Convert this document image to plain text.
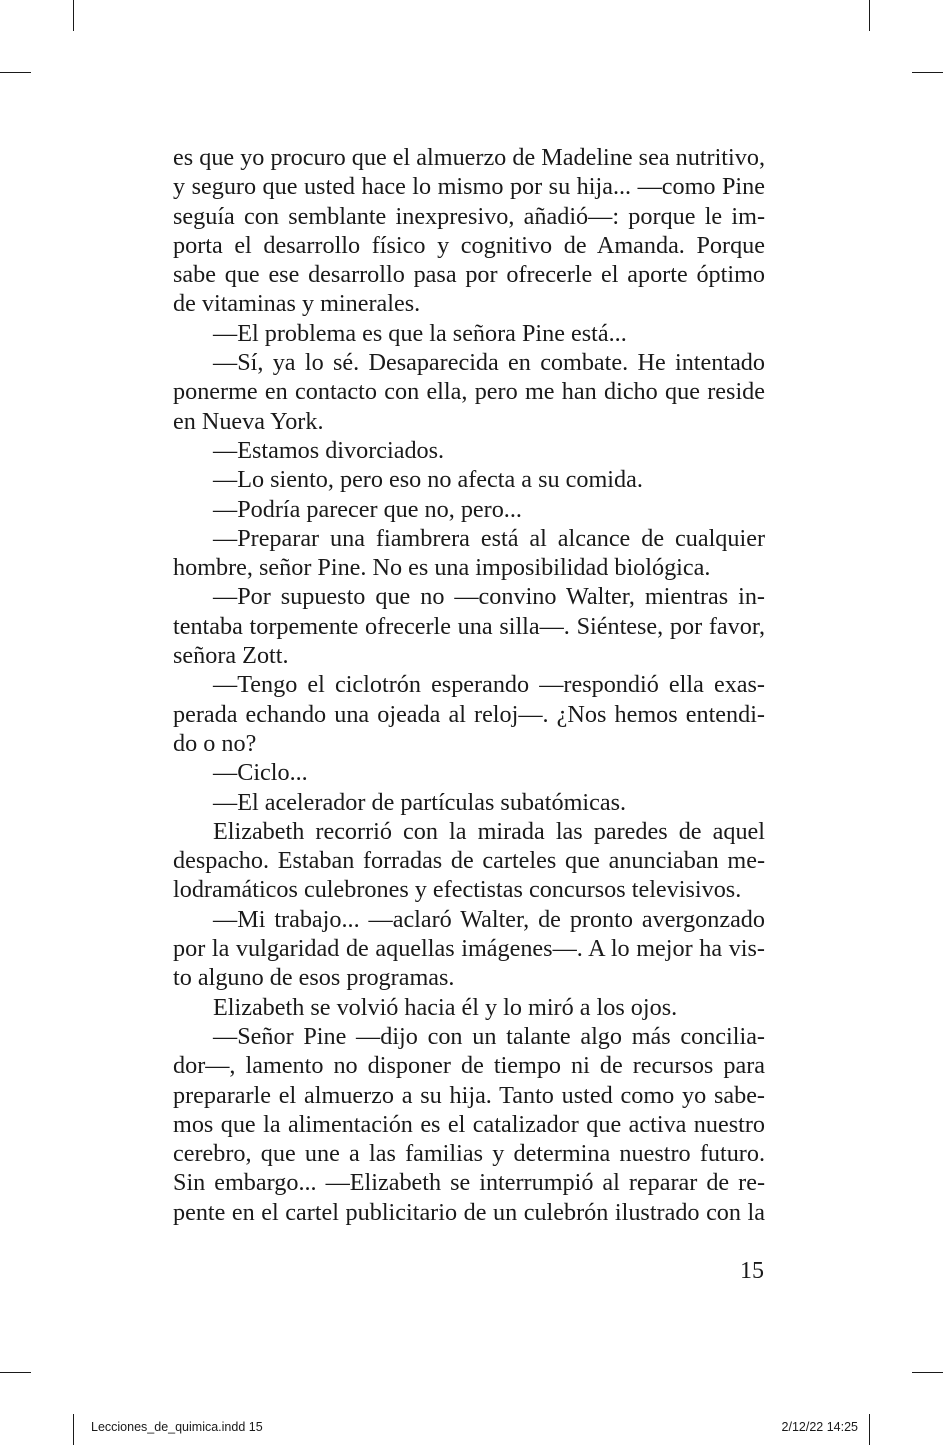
es que yo procuro que el almuerzo de Madeline sea nutritivo,

y seguro que usted hace lo mismo por su hija... —como Pine

seguía con semblante inexpresivo, añadió—: porque le im-

porta el desarrollo físico y cognitivo de Amanda. Porque

sabe que ese desarrollo pasa por ofrecerle el aporte óptimo

de vitaminas y minerales.

—El problema es que la señora Pine está...

—Sí, ya lo sé. Desaparecida en combate. He intentado

ponerme en contacto con ella, pero me han dicho que reside

en Nueva York.

—Estamos divorciados.

—Lo siento, pero eso no afecta a su comida.

—Podría parecer que no, pero...

—Preparar una fiambrera está al alcance de cualquier

hombre, señor Pine. No es una imposibilidad biológica.

—Por supuesto que no —convino Walter, mientras in-

tentaba torpemente ofrecerle una silla—. Siéntese, por favor,

señora Zott.

—Tengo el ciclotrón esperando —respondió ella exas-

perada echando una ojeada al reloj—. ¿Nos hemos entendi-

do o no?

—Ciclo...

—El acelerador de partículas subatómicas.

Elizabeth recorrió con la mirada las paredes de aquel

despacho. Estaban forradas de carteles que anunciaban me-

lodramáticos culebrones y efectistas concursos televisivos.

—Mi trabajo... —aclaró Walter, de pronto avergonzado

por la vulgaridad de aquellas imágenes—. A lo mejor ha vis-

to alguno de esos programas.

Elizabeth se volvió hacia él y lo miró a los ojos.

—Señor Pine —dijo con un talante algo más concilia-

dor—, lamento no disponer de tiempo ni de recursos para

prepararle el almuerzo a su hija. Tanto usted como yo sabe-

mos que la alimentación es el catalizador que activa nuestro

cerebro, que une a las familias y determina nuestro futuro.

Sin embargo... —Elizabeth se interrumpió al reparar de re-

pente en el cartel publicitario de un culebrón ilustrado con la

15
Lecciones_de_quimica.indd 15	2/12/22 14:25
